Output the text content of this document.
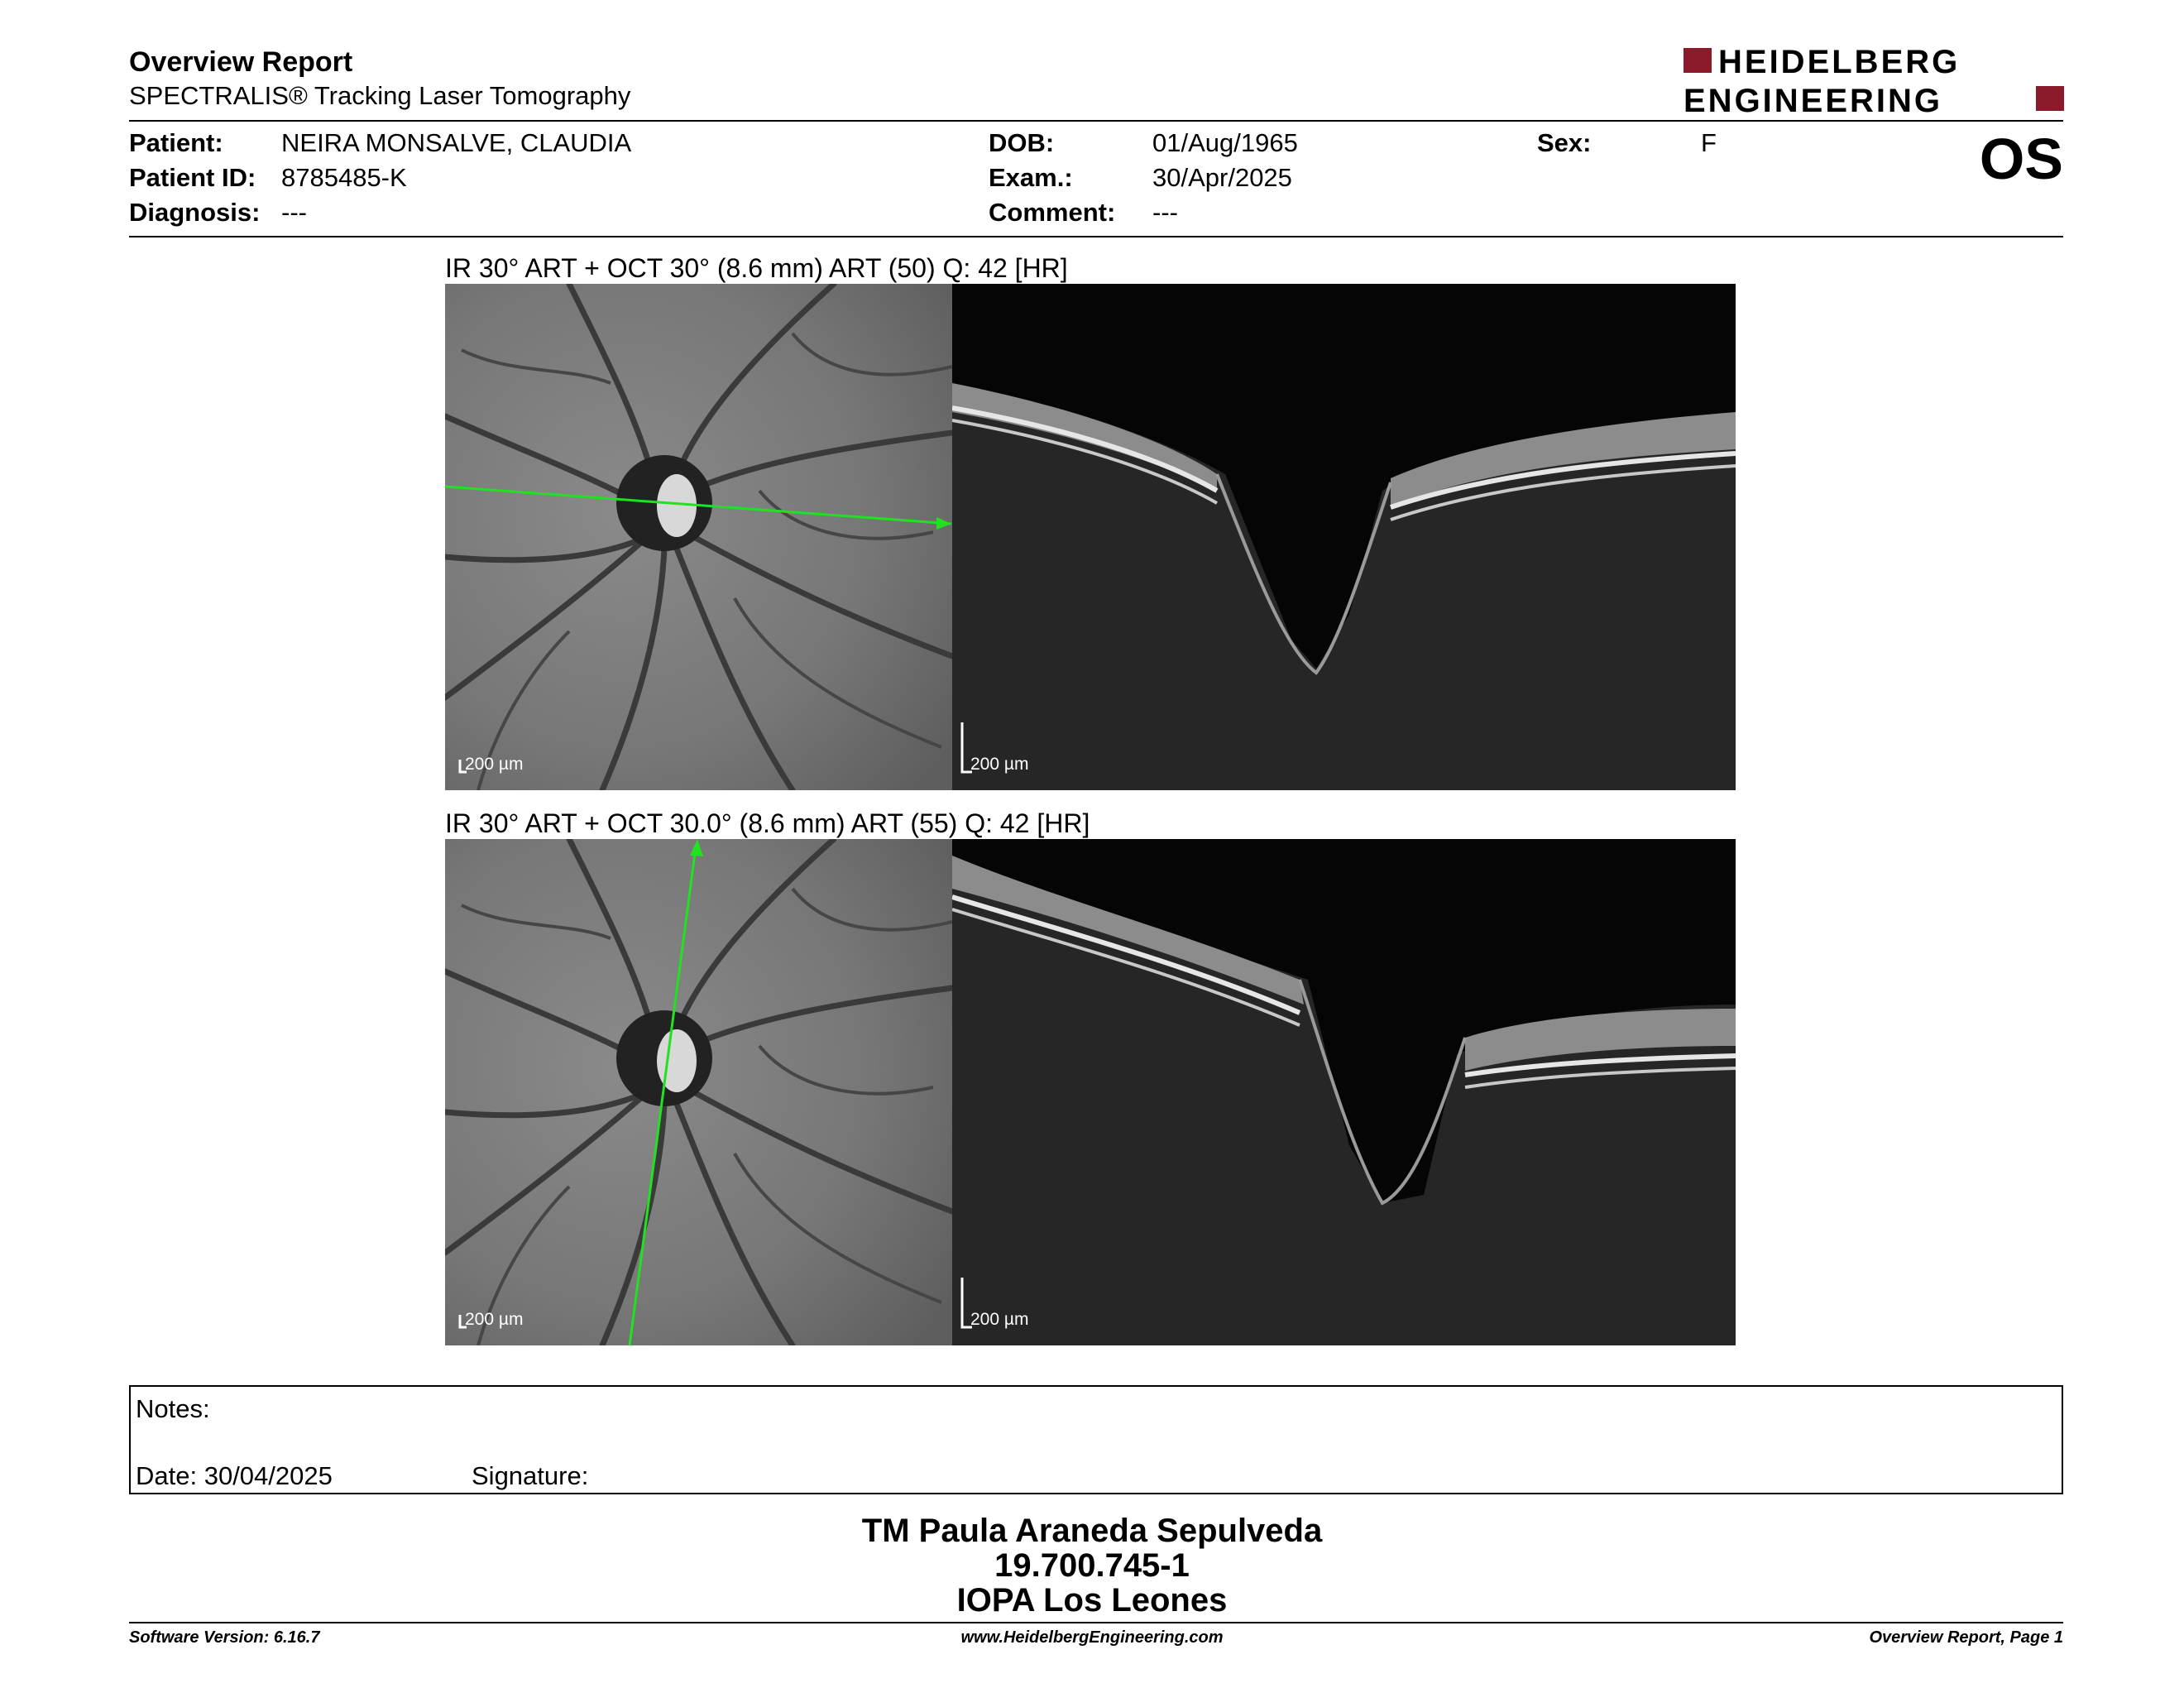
Overview Report
SPECTRALIS® Tracking Laser Tomography
HEIDELBERG
ENGINEERING
Patient: NEIRA MONSALVE, CLAUDIA
Patient ID: 8785485-K
Diagnosis: ---
DOB:	01/Aug/1965
Exam.:	30/Apr/2025
Comment: ---
Sex:	F	OS
IR 30° ART + OCT 30° (8.6 mm) ART (50) Q: 42 [HR]
200 µm	200 µm
IR 30° ART + OCT 30.0° (8.6 mm) ART (55) Q: 42 [HR]
200 µm	200 µm
Notes:
Date: 30/04/2025	Signature:
TM Paula Araneda Sepulveda
19.700.745-1
IOPA Los Leones
Software Version: 6.16.7	www.HeidelbergEngineering.com	Overview Report, Page 1
